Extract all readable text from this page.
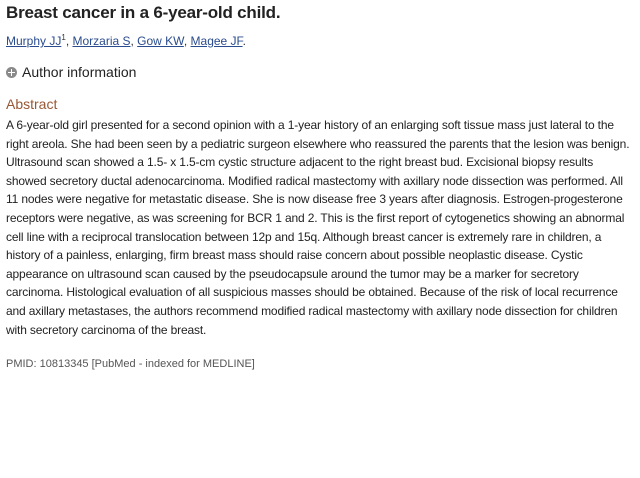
Breast cancer in a 6-year-old child.
Murphy $JJ^1$, Morzaria S, Gow KW, Magee JF.
Author information
Abstract
A 6-year-old girl presented for a second opinion with a 1-year history of an enlarging soft tissue mass just lateral to the right areola. She had been seen by a pediatric surgeon elsewhere who reassured the parents that the lesion was benign. Ultrasound scan showed a 1.5- x 1.5-cm cystic structure adjacent to the right breast bud. Excisional biopsy results showed secretory ductal adenocarcinoma. Modified radical mastectomy with axillary node dissection was performed. All 11 nodes were negative for metastatic disease. She is now disease free 3 years after diagnosis. Estrogen-progesterone receptors were negative, as was screening for BCR 1 and 2. This is the first report of cytogenetics showing an abnormal cell line with a reciprocal translocation between 12p and 15q. Although breast cancer is extremely rare in children, a history of a painless, enlarging, firm breast mass should raise concern about possible neoplastic disease. Cystic appearance on ultrasound scan caused by the pseudocapsule around the tumor may be a marker for secretory carcinoma. Histological evaluation of all suspicious masses should be obtained. Because of the risk of local recurrence and axillary metastases, the authors recommend modified radical mastectomy with axillary node dissection for children with secretory carcinoma of the breast.
PMID: 10813345 [PubMed - indexed for MEDLINE]
